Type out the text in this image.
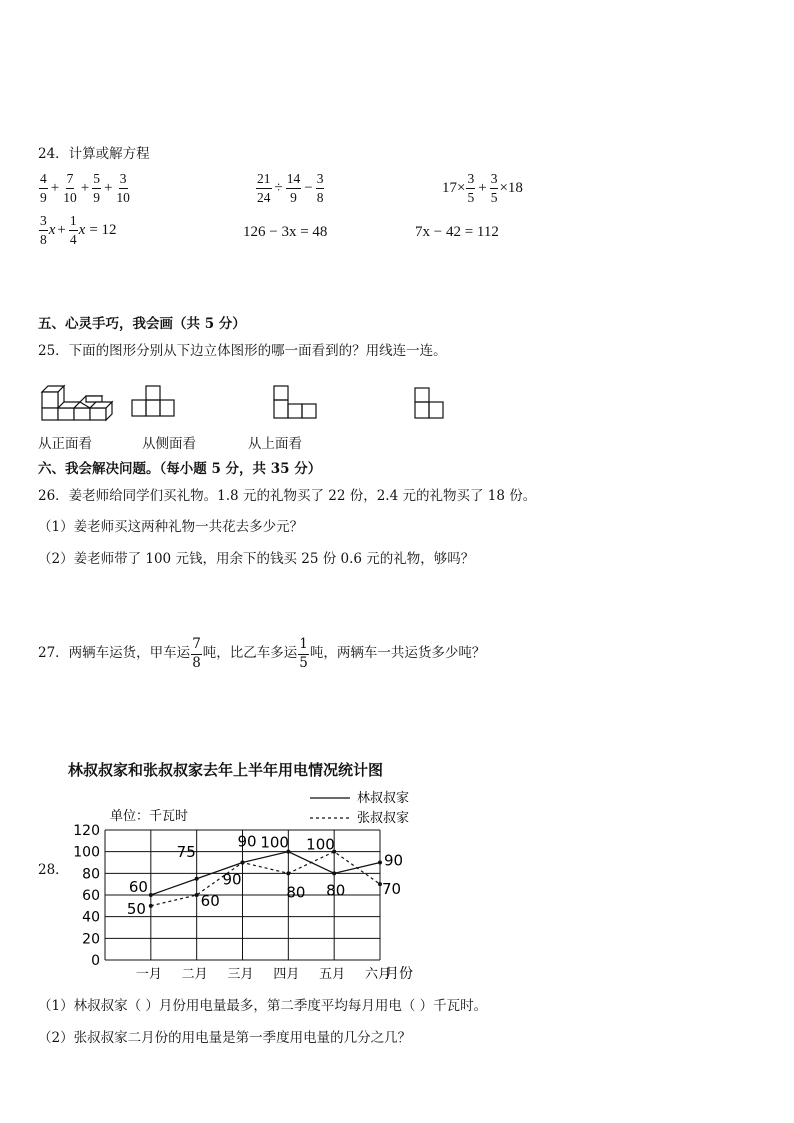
24．计算或解方程
$\frac{4}{9} + \frac{7}{10} + \frac{5}{9} + \frac{3}{10}$	$\frac{21}{24} \div \frac{14}{9} - \frac{3}{8}$	$17\times \frac{3}{5} + \frac{3}{5} \times 18$
$\frac{3}{8}$ $x + \frac{1}{4}$ x = 12	126 − 3x = 48	7x − 42 = 112
五、心灵手巧，我会画（共 5 分）
25．下面的图形分别从下边立体图形的哪一面看到的？用线连一连。
从正面看	从侧面看	从上面看
六、我会解决问题。（每小题 5 分，共 35 分）
26．姜老师给同学们买礼物。1.8 元的礼物买了 22 份，2.4 元的礼物买了 18 份。
（1）姜老师买这两种礼物一共花去多少元？
（2）姜老师带了 100 元钱，用余下的钱买 25 份 0.6 元的礼物，够吗？
27．两辆车运货，甲车运 $\frac{7}{8}$ 吨，比乙车多运 $\frac{1}{5}$ 吨，两辆车一共运货多少吨？
林叔叔家和张叔叔家去年上半年用电情况统计图
28．
120
100
80
60
40
20
0
一月 二月 三月 四月 五月 六月
60
75
90 100
80
90
50	60
90
80
100
70
单位：千瓦时
月份
林叔叔家
张叔叔家
（1）林叔叔家（ ）月份用电量最多，第二季度平均每月用电（ ）千瓦时。
（2）张叔叔家二月份的用电量是第一季度用电量的几分之几？
